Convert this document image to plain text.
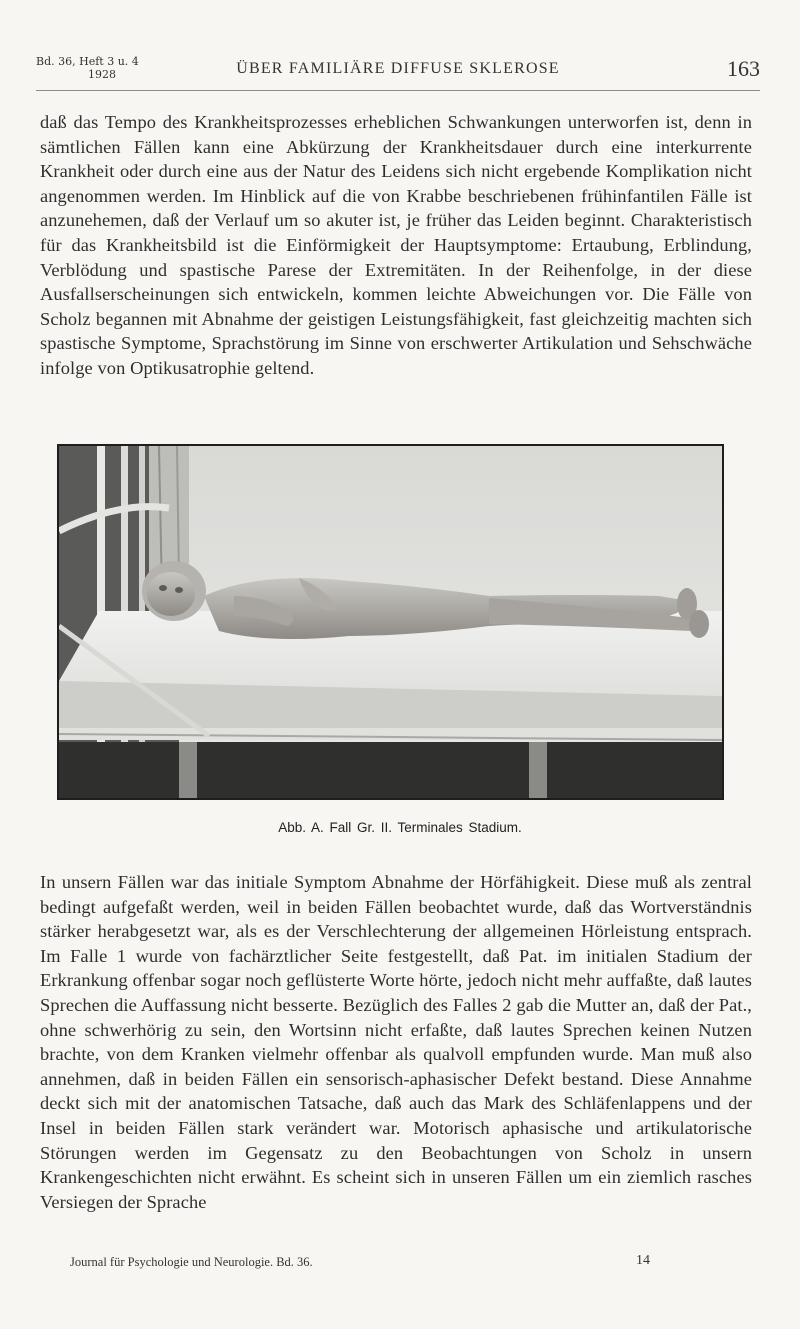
Bd. 36, Heft 3 u. 4
1928	ÜBER FAMILIÄRE DIFFUSE SKLEROSE	163
daß das Tempo des Krankheitsprozesses erheblichen Schwankungen unterworfen ist, denn in sämtlichen Fällen kann eine Abkürzung der Krankheitsdauer durch eine interkurrente Krankheit oder durch eine aus der Natur des Leidens sich nicht ergebende Komplikation nicht angenommen werden. Im Hinblick auf die von Krabbe beschriebenen frühinfantilen Fälle ist anzunehemen, daß der Verlauf um so akuter ist, je früher das Leiden beginnt. Charakteristisch für das Krankheitsbild ist die Einförmigkeit der Hauptsymptome: Ertaubung, Erblindung, Verblödung und spastische Parese der Extremitäten. In der Reihenfolge, in der diese Ausfallserscheinungen sich entwickeln, kommen leichte Abweichungen vor. Die Fälle von Scholz begannen mit Abnahme der geistigen Leistungsfähigkeit, fast gleichzeitig machten sich spastische Symptome, Sprachstörung im Sinne von erschwerter Artikulation und Sehschwäche infolge von Optikusatrophie geltend.
Abb. A. Fall Gr. II. Terminales Stadium.
In unsern Fällen war das initiale Symptom Abnahme der Hörfähigkeit. Diese muß als zentral bedingt aufgefaßt werden, weil in beiden Fällen beobachtet wurde, daß das Wortverständnis stärker herabgesetzt war, als es der Verschlechterung der allgemeinen Hörleistung entsprach. Im Falle 1 wurde von fachärztlicher Seite festgestellt, daß Pat. im initialen Stadium der Erkrankung offenbar sogar noch geflüsterte Worte hörte, jedoch nicht mehr auffaßte, daß lautes Sprechen die Auffassung nicht besserte. Bezüglich des Falles 2 gab die Mutter an, daß der Pat., ohne schwerhörig zu sein, den Wortsinn nicht erfaßte, daß lautes Sprechen keinen Nutzen brachte, von dem Kranken vielmehr offenbar als qualvoll empfunden wurde. Man muß also annehmen, daß in beiden Fällen ein sensorisch-aphasischer Defekt bestand. Diese Annahme deckt sich mit der anatomischen Tatsache, daß auch das Mark des Schläfenlappens und der Insel in beiden Fällen stark verändert war. Motorisch aphasische und artikulatorische Störungen werden im Gegensatz zu den Beobachtungen von Scholz in unsern Krankengeschichten nicht erwähnt. Es scheint sich in unseren Fällen um ein ziemlich rasches Versiegen der Sprache
Journal für Psychologie und Neurologie. Bd. 36.	14
